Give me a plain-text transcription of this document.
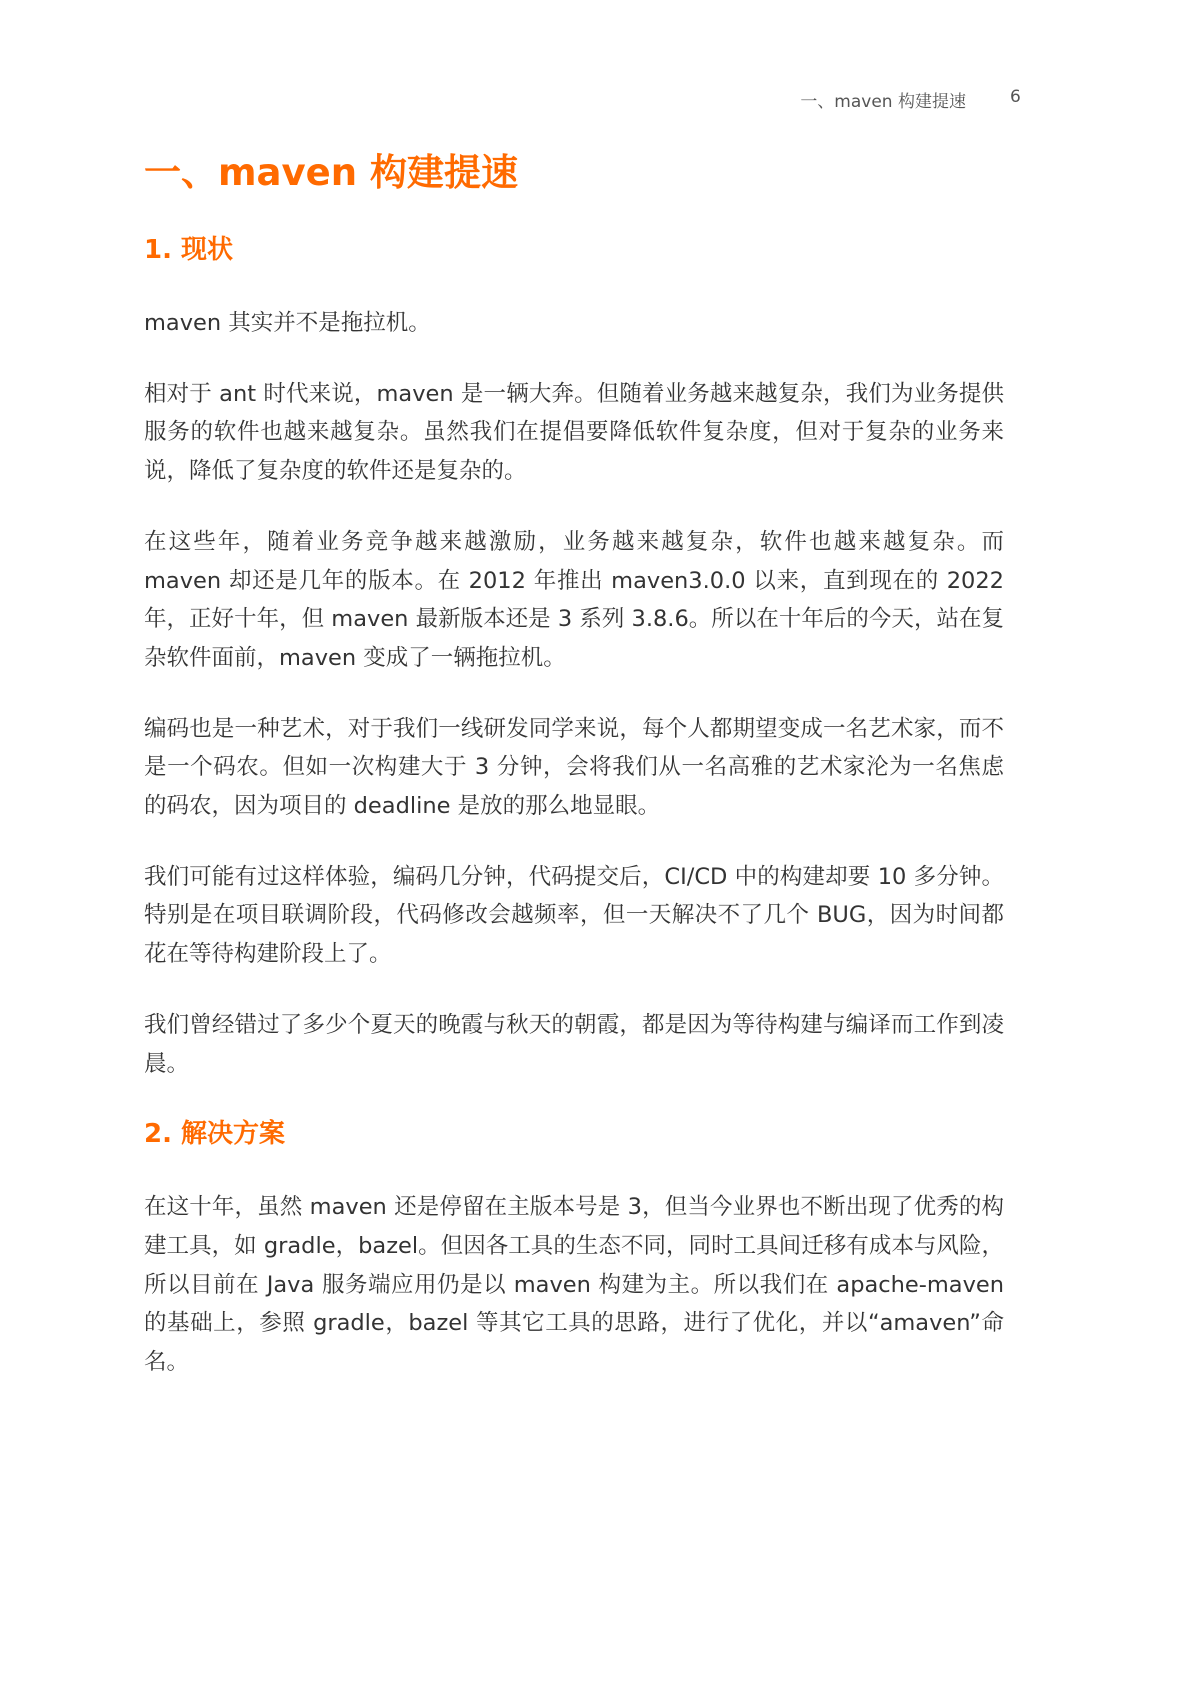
一、maven 构建提速	6
一、maven 构建提速
1. 现状

maven 其实并不是拖拉机。

相对于 ant 时代来说，maven 是一辆大奔。但随着业务越来越复杂，我们为业务提供服务的软件也越来越复杂。虽然我们在提倡要降低软件复杂度，但对于复杂的业务来说，降低了复杂度的软件还是复杂的。

在这些年，随着业务竞争越来越激励，业务越来越复杂，软件也越来越复杂。而 maven 却还是几年的版本。在 2012 年推出 maven3.0.0 以来，直到现在的 2022 年，正好十年，但 maven 最新版本还是 3 系列 3.8.6。所以在十年后的今天，站在复杂软件面前，maven 变成了一辆拖拉机。

编码也是一种艺术，对于我们一线研发同学来说，每个人都期望变成一名艺术家，而不是一个码农。但如一次构建大于 3 分钟，会将我们从一名高雅的艺术家沦为一名焦虑的码农，因为项目的 deadline 是放的那么地显眼。

我们可能有过这样体验，编码几分钟，代码提交后，CI/CD 中的构建却要 10 多分钟。特别是在项目联调阶段，代码修改会越频率，但一天解决不了几个 BUG，因为时间都花在等待构建阶段上了。

我们曾经错过了多少个夏天的晚霞与秋天的朝霞，都是因为等待构建与编译而工作到凌晨。

2. 解决方案

在这十年，虽然 maven 还是停留在主版本号是 3，但当今业界也不断出现了优秀的构建工具，如 gradle，bazel。但因各工具的生态不同，同时工具间迁移有成本与风险，所以目前在 Java 服务端应用仍是以 maven 构建为主。所以我们在 apache-maven 的基础上，参照 gradle，bazel 等其它工具的思路，进行了优化，并以“amaven”命名。
